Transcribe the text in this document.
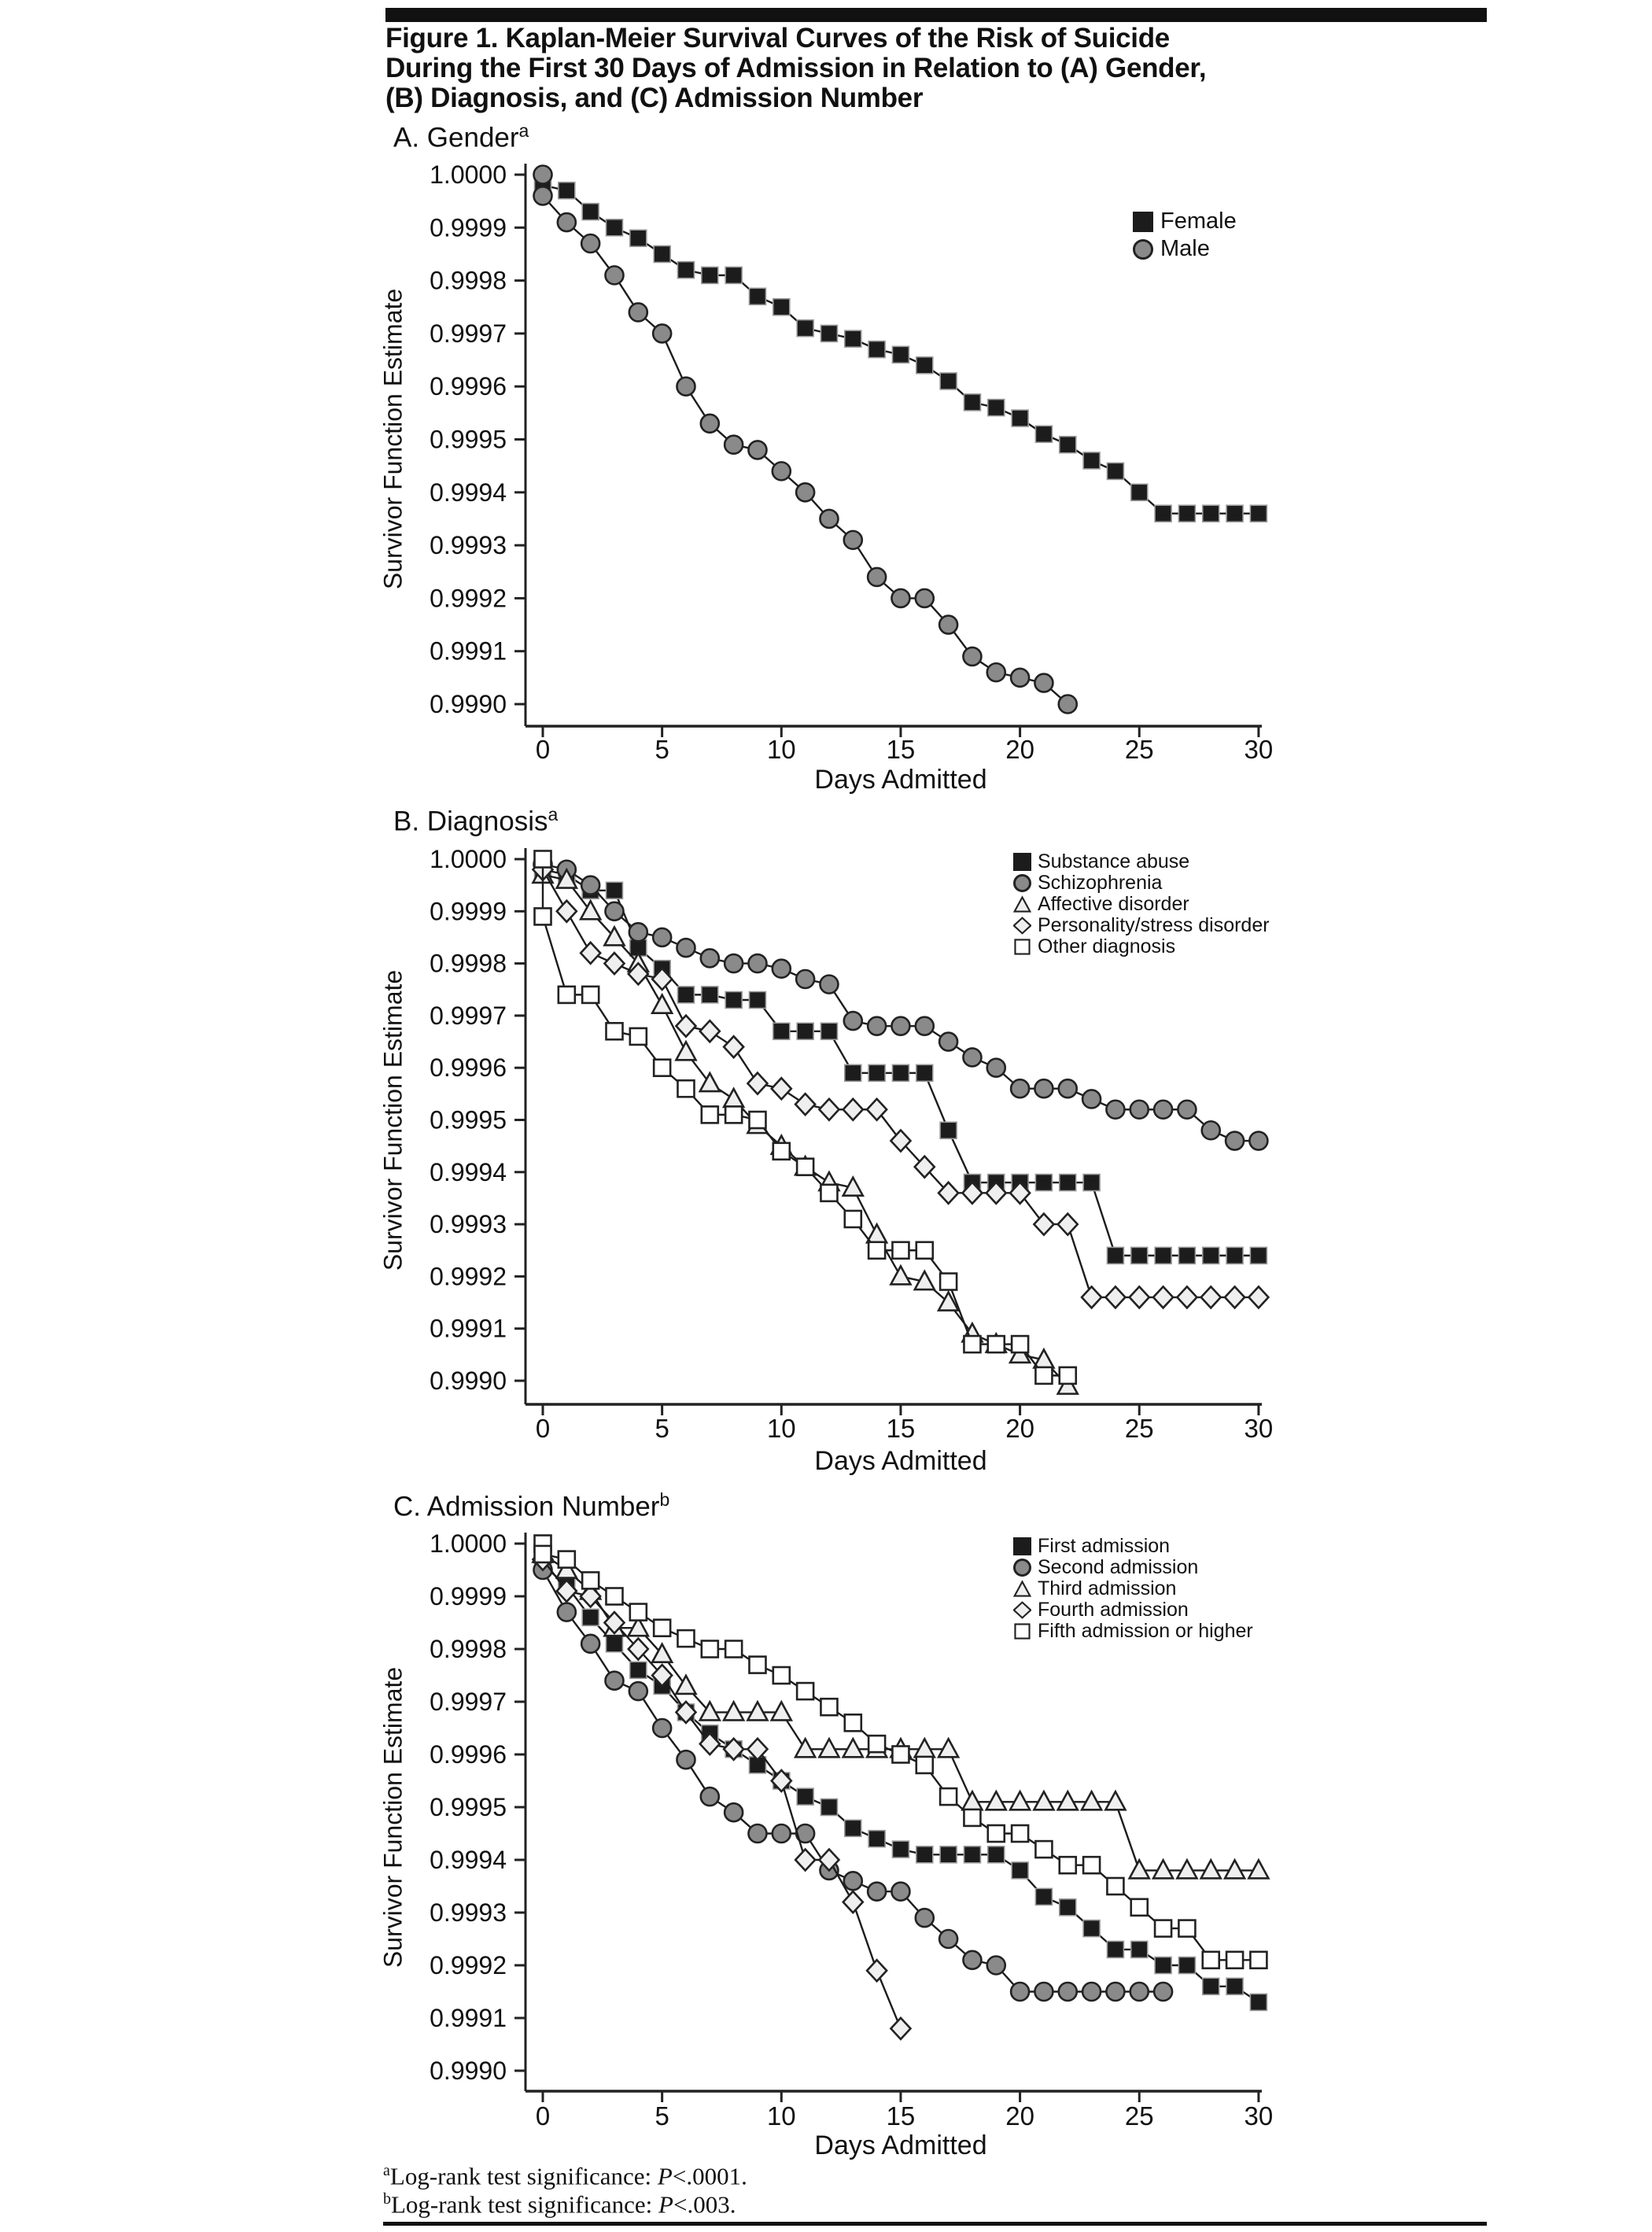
Figure 1. Kaplan-Meier Survival Curves of the Risk of Suicide
During the First 30 Days of Admission in Relation to (A) Gender,
(B) Diagnosis, and (C) Admission Number
A. Gender$^a$
B. Diagnosis$^a$
C. Admission Number$^b$
Survivor Function Estimate
Survivor Function Estimate
Survivor Function Estimate
Days Admitted
Days Admitted
Days Admitted
1.0000
0.9999
0.9998
0.9997
0.9996
0.9995
0.9994
0.9993
0.9992
0.9991
0.9990
0	5	10	15	20	25	30
1.0000
0.9999
0.9998
0.9997
0.9996
0.9995
0.9994
0.9993
0.9992
0.9991
0.9990
0	5	10	15	20	25	30
1.0000
0.9999
0.9998
0.9997
0.9996
0.9995
0.9994
0.9993
0.9992
0.9991
0.9990
0	5	10	15	20	25	30
Female
Male
Substance abuse
Schizophrenia
Affective disorder
Personality/stress disorder
Other diagnosis
First admission
Second admission
Third admission
Fourth admission
Fifth admission or higher
$^a$Log-rank test significance: P<.0001.
$^b$Log-rank test significance: P<.003.
